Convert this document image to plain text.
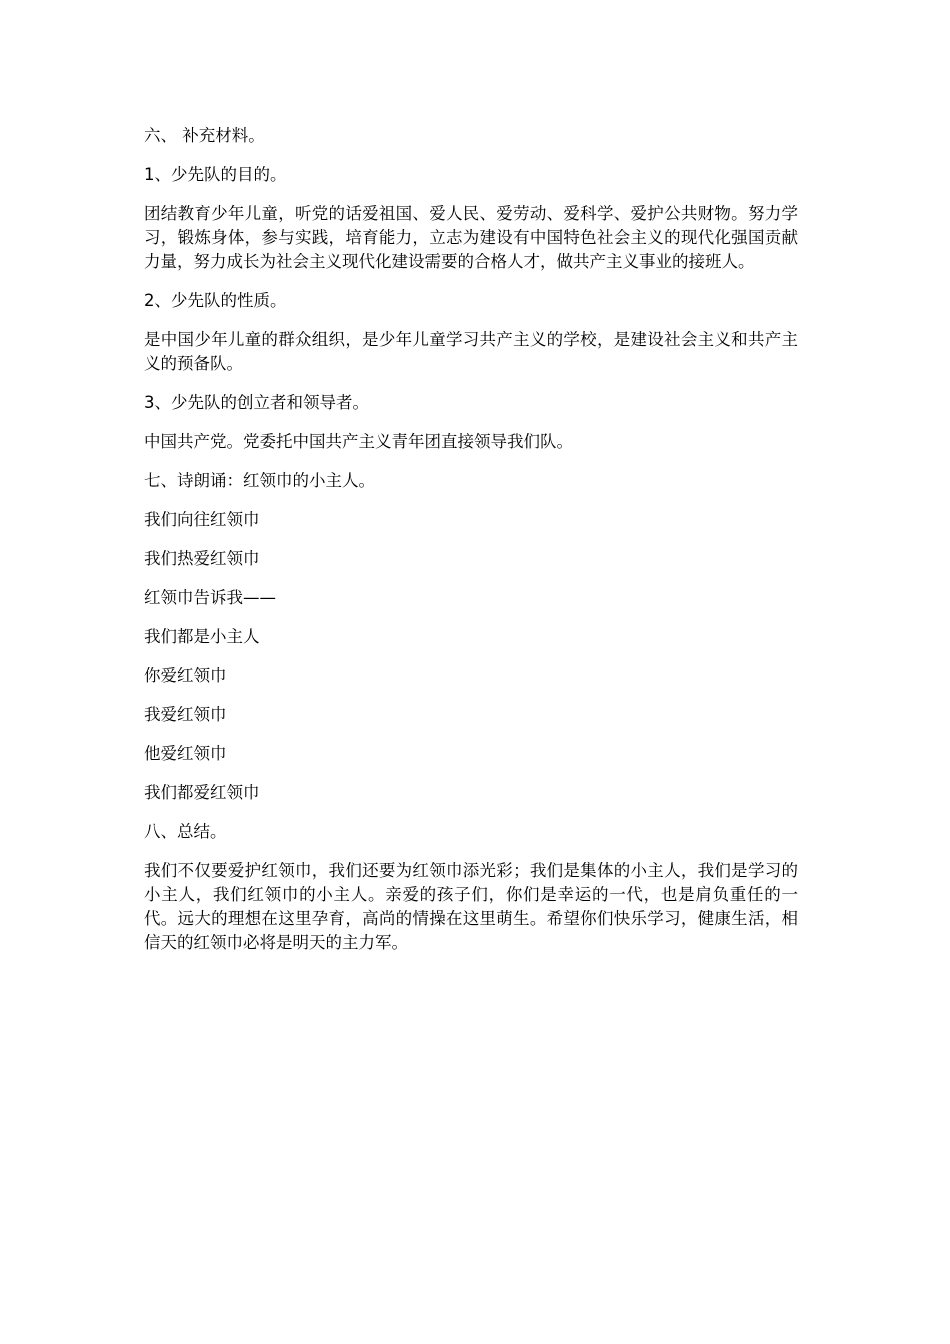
六、 补充材料。

1、少先队的目的。

团结教育少年儿童，听党的话爱祖国、爱人民、爱劳动、爱科学、爱护公共财物。努力学习，锻炼身体，参与实践，培育能力，立志为建设有中国特色社会主义的现代化强国贡献力量，努力成长为社会主义现代化建设需要的合格人才，做共产主义事业的接班人。

2、少先队的性质。

是中国少年儿童的群众组织，是少年儿童学习共产主义的学校，是建设社会主义和共产主义的预备队。

3、少先队的创立者和领导者。

中国共产党。党委托中国共产主义青年团直接领导我们队。

七、诗朗诵：红领巾的小主人。

我们向往红领巾

我们热爱红领巾

红领巾告诉我——

我们都是小主人

你爱红领巾

我爱红领巾

他爱红领巾

我们都爱红领巾

八、总结。

我们不仅要爱护红领巾，我们还要为红领巾添光彩；我们是集体的小主人，我们是学习的小主人，我们红领巾的小主人。亲爱的孩子们，你们是幸运的一代，也是肩负重任的一代。远大的理想在这里孕育，高尚的情操在这里萌生。希望你们快乐学习，健康生活，相信天的红领巾必将是明天的主力军。
